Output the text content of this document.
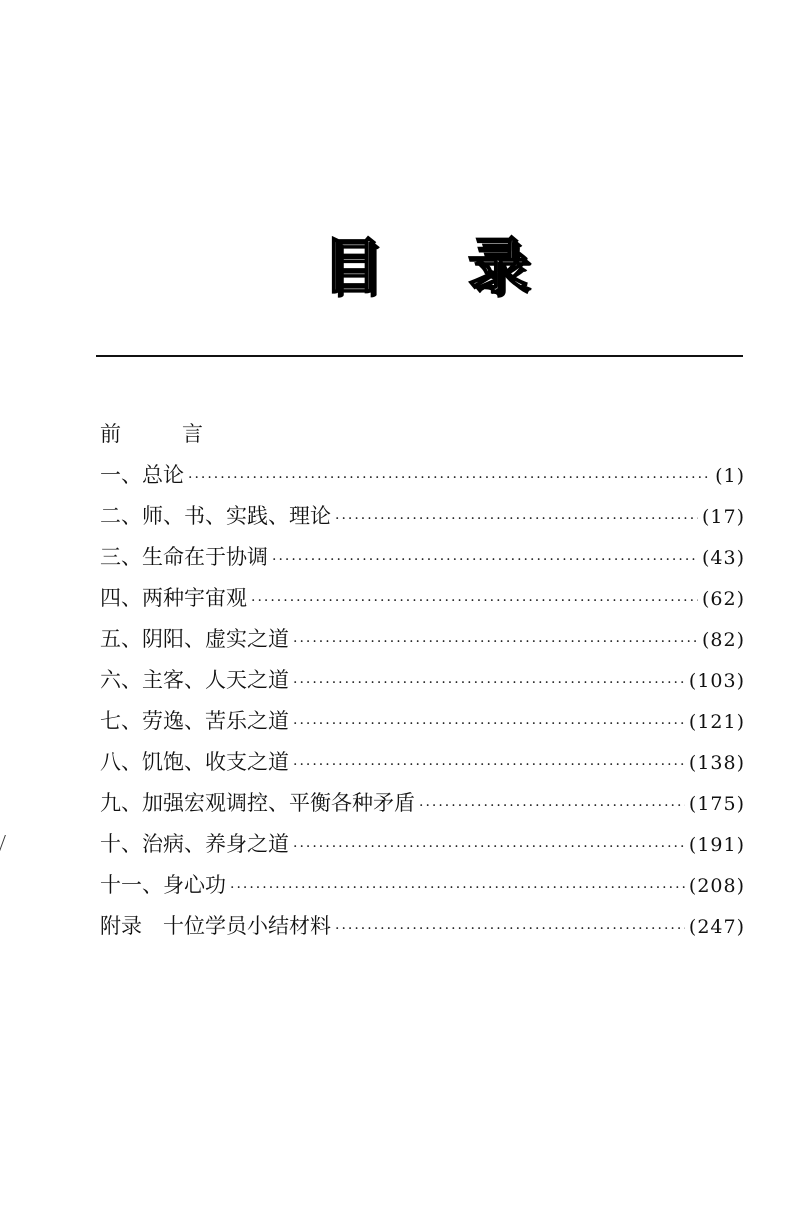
目 录
前　言
一、总论 ·····	(1)
二、师、书、实践、理论 ·····	(17)
三、生命在于协调 ·····	(43)
四、两种宇宙观 ·····	(62)
五、阴阳、虚实之道 ·····	(82)
六、主客、人天之道 ·····	(103)
七、劳逸、苦乐之道 ·····	(121)
八、饥饱、收支之道 ·····	(138)
九、加强宏观调控、平衡各种矛盾 ·····	(175)
十、治病、养身之道 ·····	(191)
十一、身心功 ·····	(208)
附录　十位学员小结材料 ·····	(247)
